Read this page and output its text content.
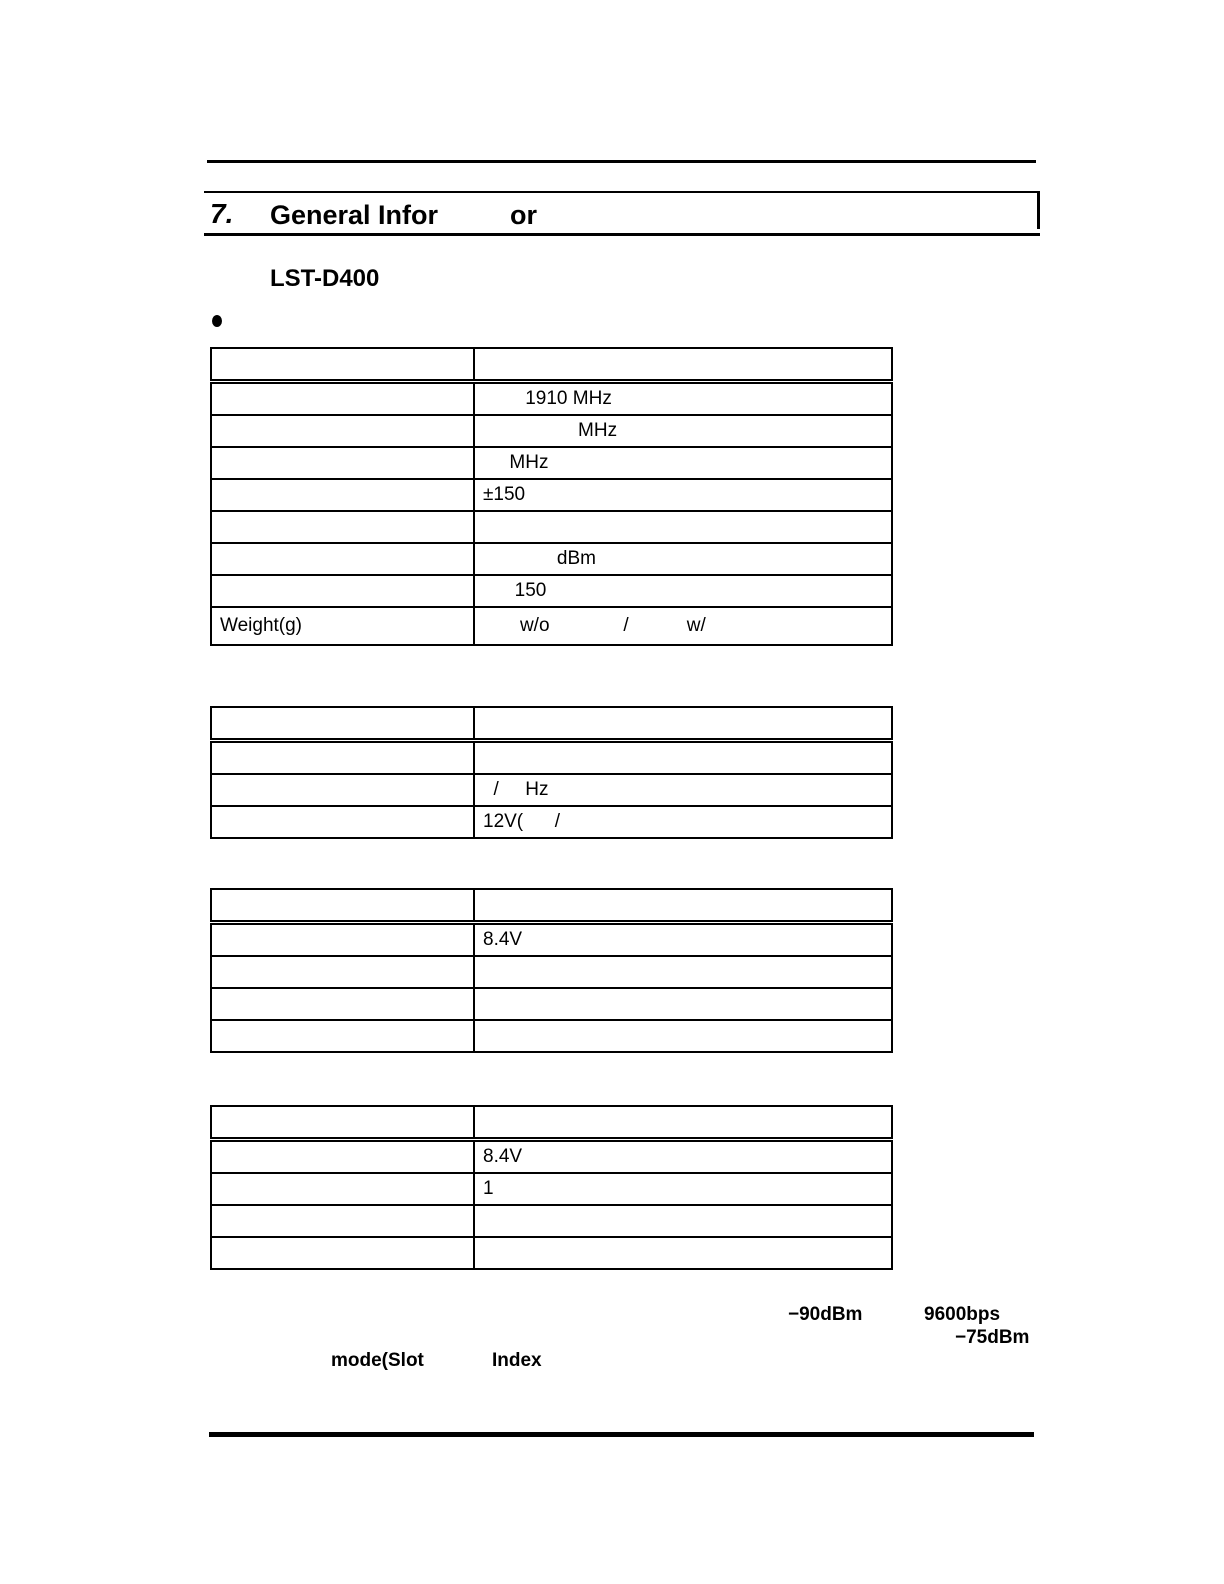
7. General Infor	or
LST-D400

	1910 MHz
	MHz
	MHz
	±150

	dBm
	150
Weight(g)	w/o              /           w/

	/     Hz
	12V(      /

	8.4V

	8.4V
	1

−90dBm	9600bps
−75dBm
mode(Slot	Index
